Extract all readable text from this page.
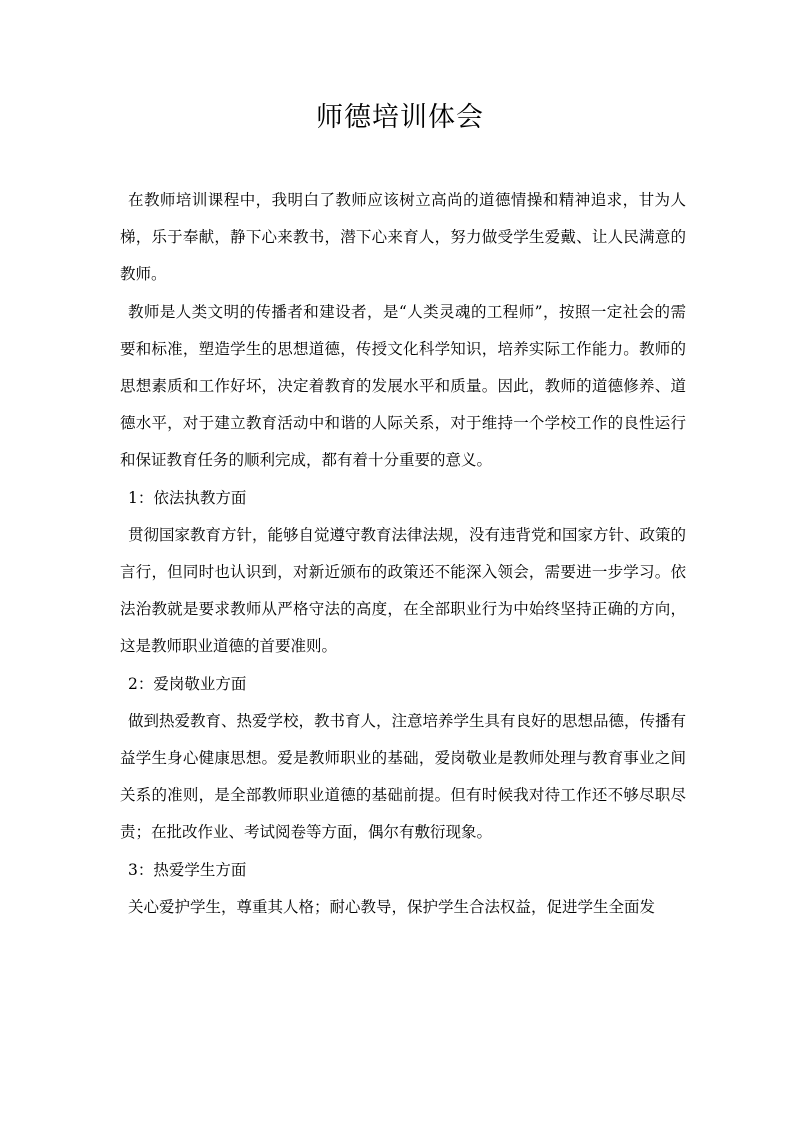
师德培训体会

在教师培训课程中，我明白了教师应该树立高尚的道德情操和精神追求，甘为人梯，乐于奉献，静下心来教书，潜下心来育人，努力做受学生爱戴、让人民满意的教师。

教师是人类文明的传播者和建设者，是“人类灵魂的工程师”，按照一定社会的需要和标准，塑造学生的思想道德，传授文化科学知识，培养实际工作能力。教师的思想素质和工作好坏，决定着教育的发展水平和质量。因此，教师的道德修养、道德水平，对于建立教育活动中和谐的人际关系，对于维持一个学校工作的良性运行和保证教育任务的顺利完成，都有着十分重要的意义。

1：依法执教方面

贯彻国家教育方针，能够自觉遵守教育法律法规，没有违背党和国家方针、政策的言行，但同时也认识到，对新近颁布的政策还不能深入领会，需要进一步学习。依法治教就是要求教师从严格守法的高度，在全部职业行为中始终坚持正确的方向，这是教师职业道德的首要准则。

2：爱岗敬业方面

做到热爱教育、热爱学校，教书育人，注意培养学生具有良好的思想品德，传播有益学生身心健康思想。爱是教师职业的基础，爱岗敬业是教师处理与教育事业之间关系的准则，是全部教师职业道德的基础前提。但有时候我对待工作还不够尽职尽责；在批改作业、考试阅卷等方面，偶尔有敷衍现象。

3：热爱学生方面

关心爱护学生，尊重其人格；耐心教导，保护学生合法权益，促进学生全面发
